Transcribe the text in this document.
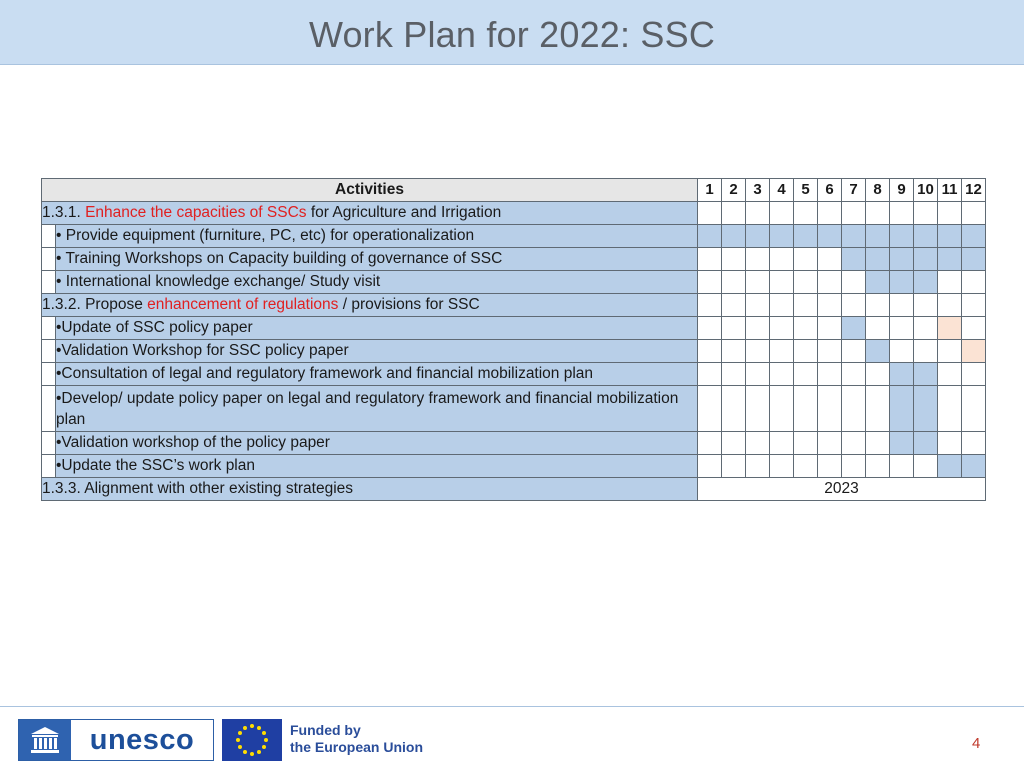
Work Plan for 2022: SSC
Activities		1	2	3	4	5	6	7	8	9	10	11	12
1.3.1. Enhance the capacities of SSCs for Agriculture and Irrigation													
	• Provide equipment (furniture, PC, etc) for operationalization												
	• Training Workshops on Capacity building of governance of SSC												
	• International knowledge exchange/ Study visit												
1.3.2. Propose enhancement of regulations / provisions for SSC													
	•Update of SSC policy paper												
	•Validation Workshop for SSC policy paper												
	•Consultation of legal and regulatory framework and financial mobilization plan												
	•Develop/ update policy paper on legal and regulatory framework and financial mobilization plan												
	•Validation workshop of the policy paper												
	•Update the SSC’s work plan												
1.3.3. Alignment with other existing strategies		2023											
unesco	Funded by
the European Union	4
